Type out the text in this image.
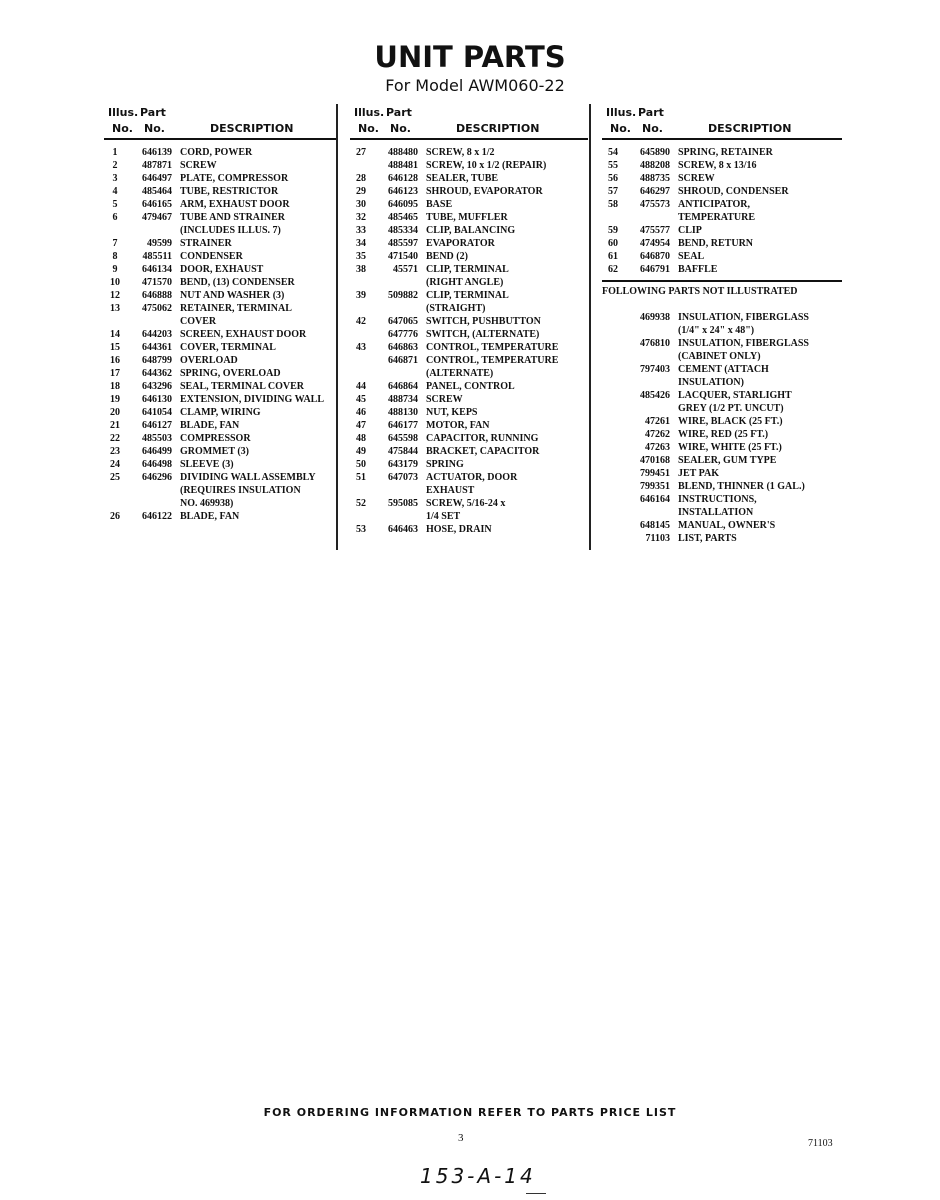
UNIT PARTS
For Model AWM060-22
Illus. Part
No. No.	DESCRIPTION
1	646139 CORD, POWER
2	487871 SCREW
3	646497 PLATE, COMPRESSOR
4	485464 TUBE, RESTRICTOR
5	646165 ARM, EXHAUST DOOR
6	479467 TUBE AND STRAINER
(INCLUDES ILLUS. 7)
7	49599 STRAINER
8	485511 CONDENSER
9	646134 DOOR, EXHAUST
10	471570 BEND, (13) CONDENSER
12	646888 NUT AND WASHER (3)
13	475062 RETAINER, TERMINAL
COVER
14	644203 SCREEN, EXHAUST DOOR
15	644361 COVER, TERMINAL
16	648799 OVERLOAD
17	644362 SPRING, OVERLOAD
18	643296 SEAL, TERMINAL COVER
19	646130 EXTENSION, DIVIDING WALL
20	641054 CLAMP, WIRING
21	646127 BLADE, FAN
22	485503 COMPRESSOR
23	646499 GROMMET (3)
24	646498 SLEEVE (3)
25	646296 DIVIDING WALL ASSEMBLY
(REQUIRES INSULATION
NO. 469938)
26	646122 BLADE, FAN
Illus. Part
No. No.	DESCRIPTION
27	488480 SCREW, 8 x 1/2
488481 SCREW, 10 x 1/2 (REPAIR)
28	646128 SEALER, TUBE
29	646123 SHROUD, EVAPORATOR
30	646095 BASE
32	485465 TUBE, MUFFLER
33	485334 CLIP, BALANCING
34	485597 EVAPORATOR
35	471540 BEND (2)
38	45571 CLIP, TERMINAL
(RIGHT ANGLE)
39	509882 CLIP, TERMINAL
(STRAIGHT)
42	647065 SWITCH, PUSHBUTTON
647776 SWITCH, (ALTERNATE)
43	646863 CONTROL, TEMPERATURE
646871 CONTROL, TEMPERATURE
(ALTERNATE)
44	646864 PANEL, CONTROL
45	488734 SCREW
46	488130 NUT, KEPS
47	646177 MOTOR, FAN
48	645598 CAPACITOR, RUNNING
49	475844 BRACKET, CAPACITOR
50	643179 SPRING
51	647073 ACTUATOR, DOOR
EXHAUST
52	595085 SCREW, 5/16-24 x
1/4 SET
53	646463 HOSE, DRAIN
Illus. Part
No. No.	DESCRIPTION
54	645890 SPRING, RETAINER
55	488208 SCREW, 8 x 13/16
56	488735 SCREW
57	646297 SHROUD, CONDENSER
58	475573 ANTICIPATOR,
TEMPERATURE
59	475577 CLIP
60	474954 BEND, RETURN
61	646870 SEAL
62	646791 BAFFLE
FOLLOWING PARTS NOT ILLUSTRATED
469938 INSULATION, FIBERGLASS
(1/4" x 24" x 48")
476810 INSULATION, FIBERGLASS
(CABINET ONLY)
797403 CEMENT (ATTACH
INSULATION)
485426 LACQUER, STARLIGHT
GREY (1/2 PT. UNCUT)
47261 WIRE, BLACK (25 FT.)
47262 WIRE, RED (25 FT.)
47263 WIRE, WHITE (25 FT.)
470168 SEALER, GUM TYPE
799451 JET PAK
799351 BLEND, THINNER (1 GAL.)
646164 INSTRUCTIONS,
INSTALLATION
648145 MANUAL, OWNER'S
71103 LIST, PARTS
FOR ORDERING INFORMATION REFER TO PARTS PRICE LIST
3	71103
153-A-14
